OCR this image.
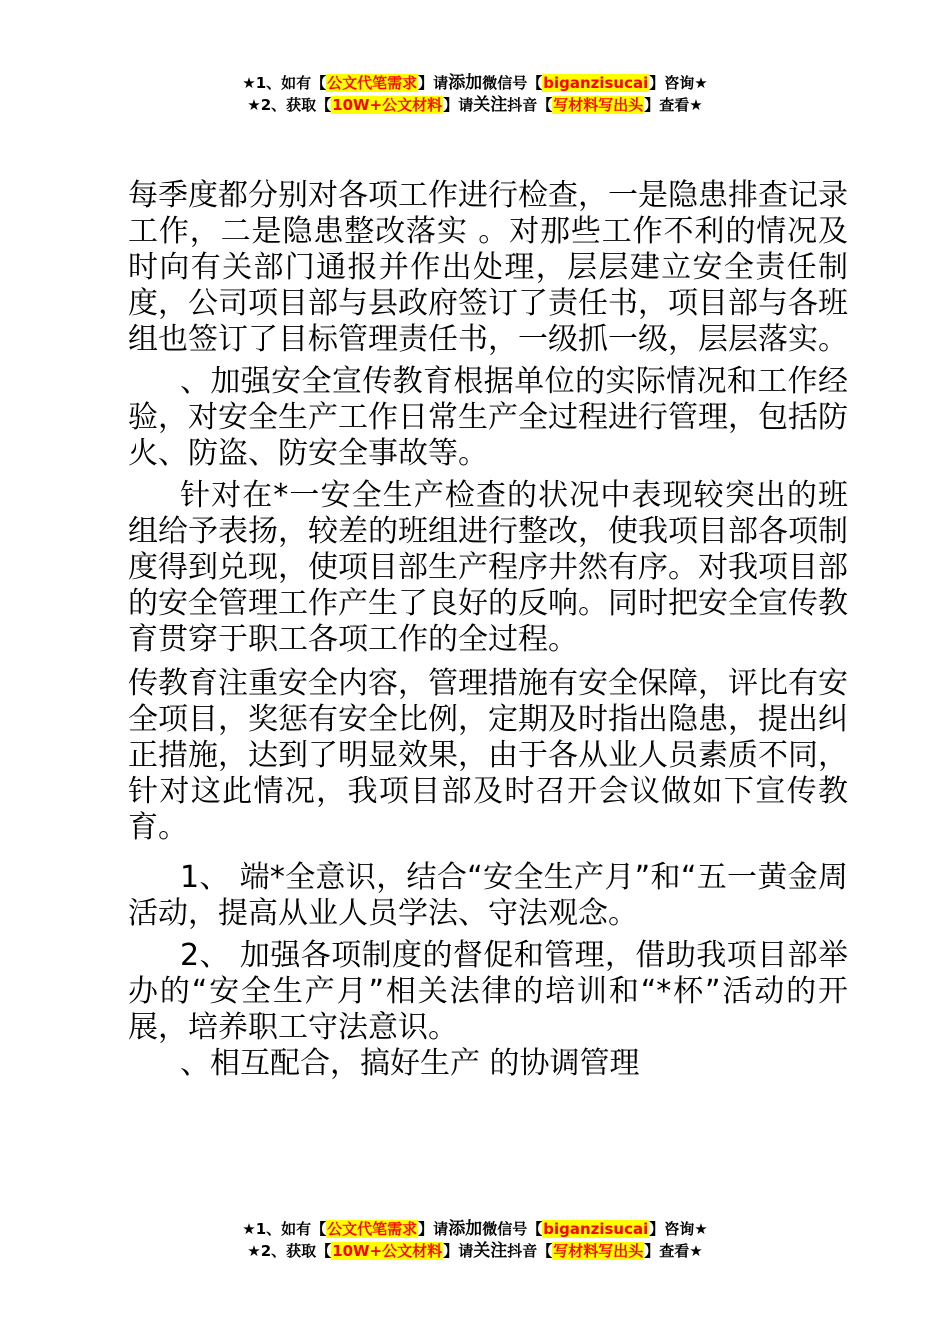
★1、如有【公文代笔需求】请添加微信号【biganzisucai】咨询★
★2、获取【10W+公文材料】请关注抖音【写材料写出头】查看★

每季度都分别对各项工作进行检查，一是隐患排查记录工作，二是隐患整改落实 。对那些工作不利的情况及时向有关部门通报并作出处理，层层建立安全责任制度，公司项目部与县政府签订了责任书，项目部与各班组也签订了目标管理责任书，一级抓一级，层层落实。

、加强安全宣传教育根据单位的实际情况和工作经验，对安全生产工作日常生产全过程进行管理，包括防火、防盗、防安全事故等。

针对在*一安全生产检查的状况中表现较突出的班组给予表扬，较差的班组进行整改，使我项目部各项制度得到兑现，使项目部生产程序井然有序。对我项目部的安全管理工作产生了良好的反响。同时把安全宣传教育贯穿于职工各项工作的全过程。

传教育注重安全内容，管理措施有安全保障，评比有安全项目，奖惩有安全比例，定期及时指出隐患，提出纠正措施，达到了明显效果，由于各从业人员素质不同，针对这此情况，我项目部及时召开会议做如下宣传教育。

1、 端*全意识，结合“安全生产月”和“五一黄金周活动，提高从业人员学法、守法观念。

2、 加强各项制度的督促和管理，借助我项目部举办的“安全生产月”相关法律的培训和“*杯”活动的开展，培养职工守法意识。

、相互配合，搞好生产 的协调管理

★1、如有【公文代笔需求】请添加微信号【biganzisucai】咨询★
★2、获取【10W+公文材料】请关注抖音【写材料写出头】查看★
